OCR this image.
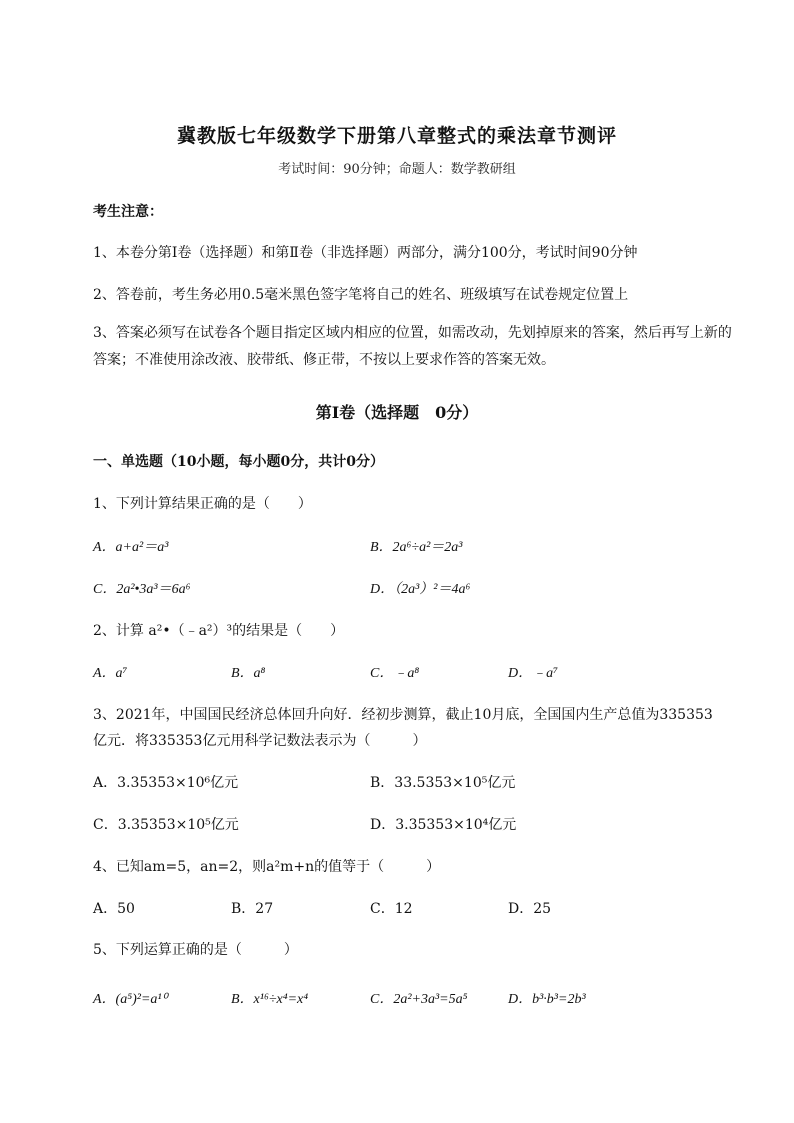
冀教版七年级数学下册第八章整式的乘法章节测评
考试时间：90分钟；命题人：数学教研组
考生注意：
1、本卷分第I卷（选择题）和第Ⅱ卷（非选择题）两部分，满分100分，考试时间90分钟
2、答卷前，考生务必用0.5毫米黑色签字笔将自己的姓名、班级填写在试卷规定位置上
3、答案必须写在试卷各个题目指定区域内相应的位置，如需改动，先划掉原来的答案，然后再写上新的答案；不准使用涂改液、胶带纸、修正带，不按以上要求作答的答案无效。
第I卷（选择题　0分）
一、单选题（10小题，每小题0分，共计0分）
1、下列计算结果正确的是（　　）
A．a+a²＝a³	B．2a⁶÷a²＝2a³
C．2a²•3a³＝6a⁶	D．（2a³）²＝4a⁶
2、计算 a²•（﹣a²）³的结果是（　　）
A．a⁷	B．a⁸	C．﹣a⁸	D．﹣a⁷
3、2021年，中国国民经济总体回升向好．经初步测算，截止10月底，全国国内生产总值为335353
亿元．将335353亿元用科学记数法表示为（　　　）
A．3.35353×10⁶亿元	B．33.5353×10⁵亿元
C．3.35353×10⁵亿元	D．3.35353×10⁴亿元
4、已知am=5，an=2，则a²m+n的值等于（　　　）
A．50	B．27	C．12	D．25
5、下列运算正确的是（　　　）
A．(a⁵)²=a¹⁰	B．x¹⁶÷x⁴=x⁴	C．2a²+3a³=5a⁵	D．b³·b³=2b³
